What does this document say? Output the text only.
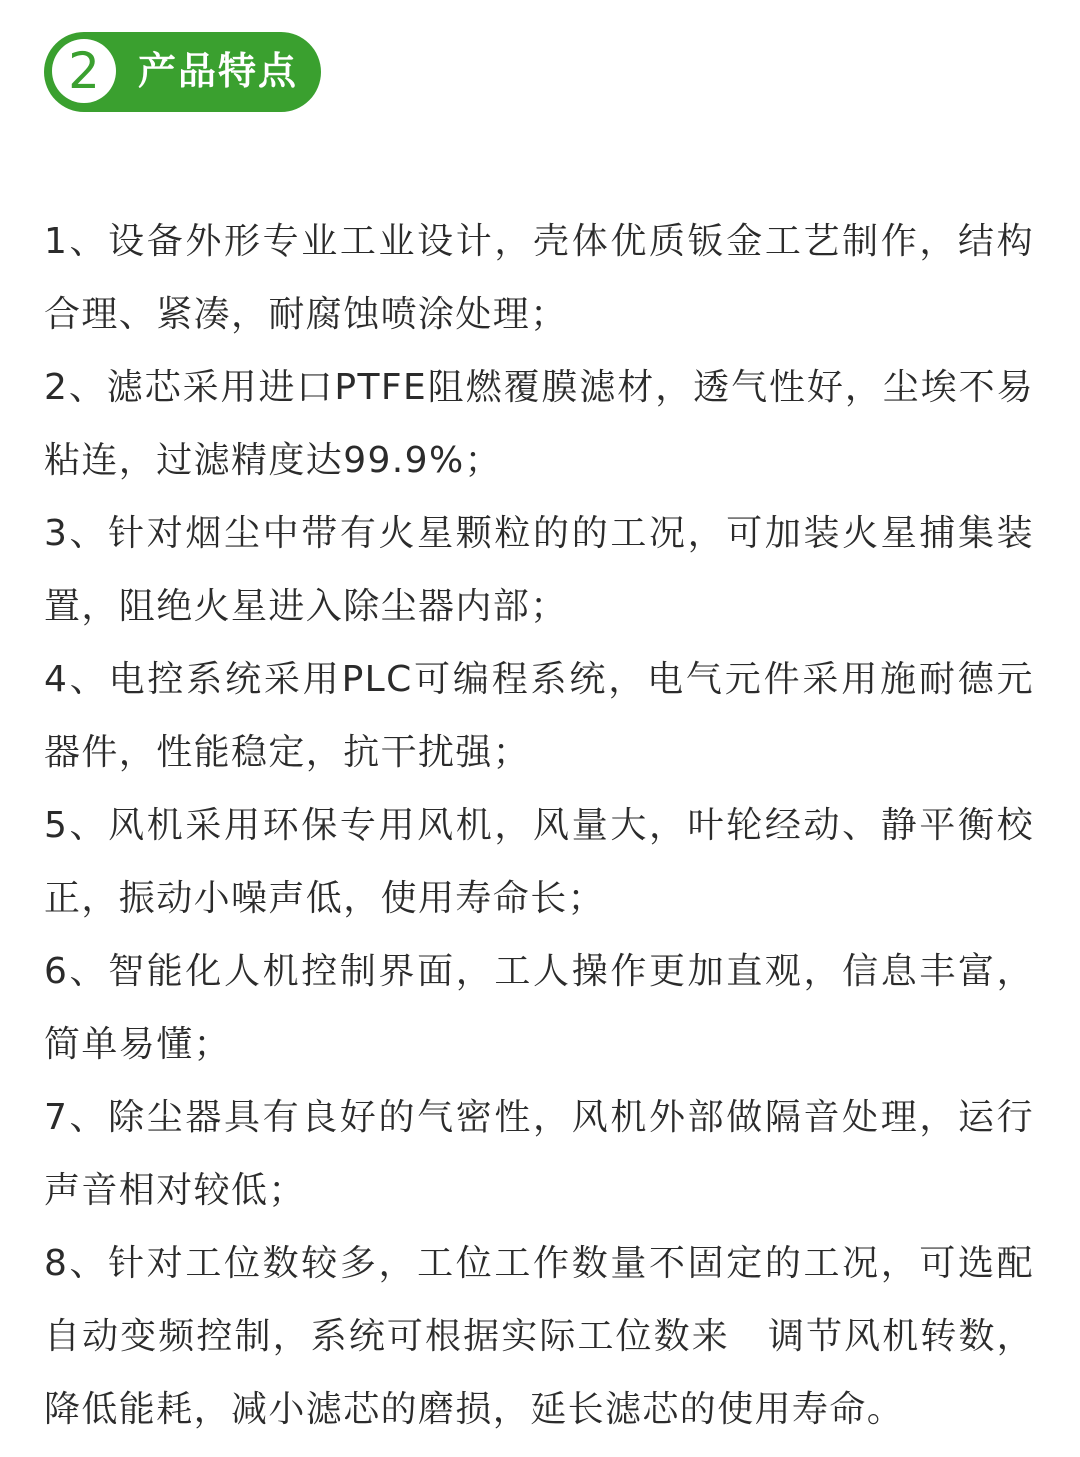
2	产品特点
1、设备外形专业工业设计，壳体优质钣金工艺制作，结构合理、紧凑，耐腐蚀喷涂处理；
2、滤芯采用进口PTFE阻燃覆膜滤材，透气性好，尘埃不易粘连，过滤精度达99.9%；
3、针对烟尘中带有火星颗粒的的工况，可加装火星捕集装置，阻绝火星进入除尘器内部；
4、电控系统采用PLC可编程系统，电气元件采用施耐德元器件，性能稳定，抗干扰强；
5、风机采用环保专用风机，风量大，叶轮经动、静平衡校正，振动小噪声低，使用寿命长；
6、智能化人机控制界面，工人操作更加直观，信息丰富，简单易懂；
7、除尘器具有良好的气密性，风机外部做隔音处理，运行声音相对较低；
8、针对工位数较多，工位工作数量不固定的工况，可选配自动变频控制，系统可根据实际工位数来　调节风机转数，降低能耗，减小滤芯的磨损，延长滤芯的使用寿命。
